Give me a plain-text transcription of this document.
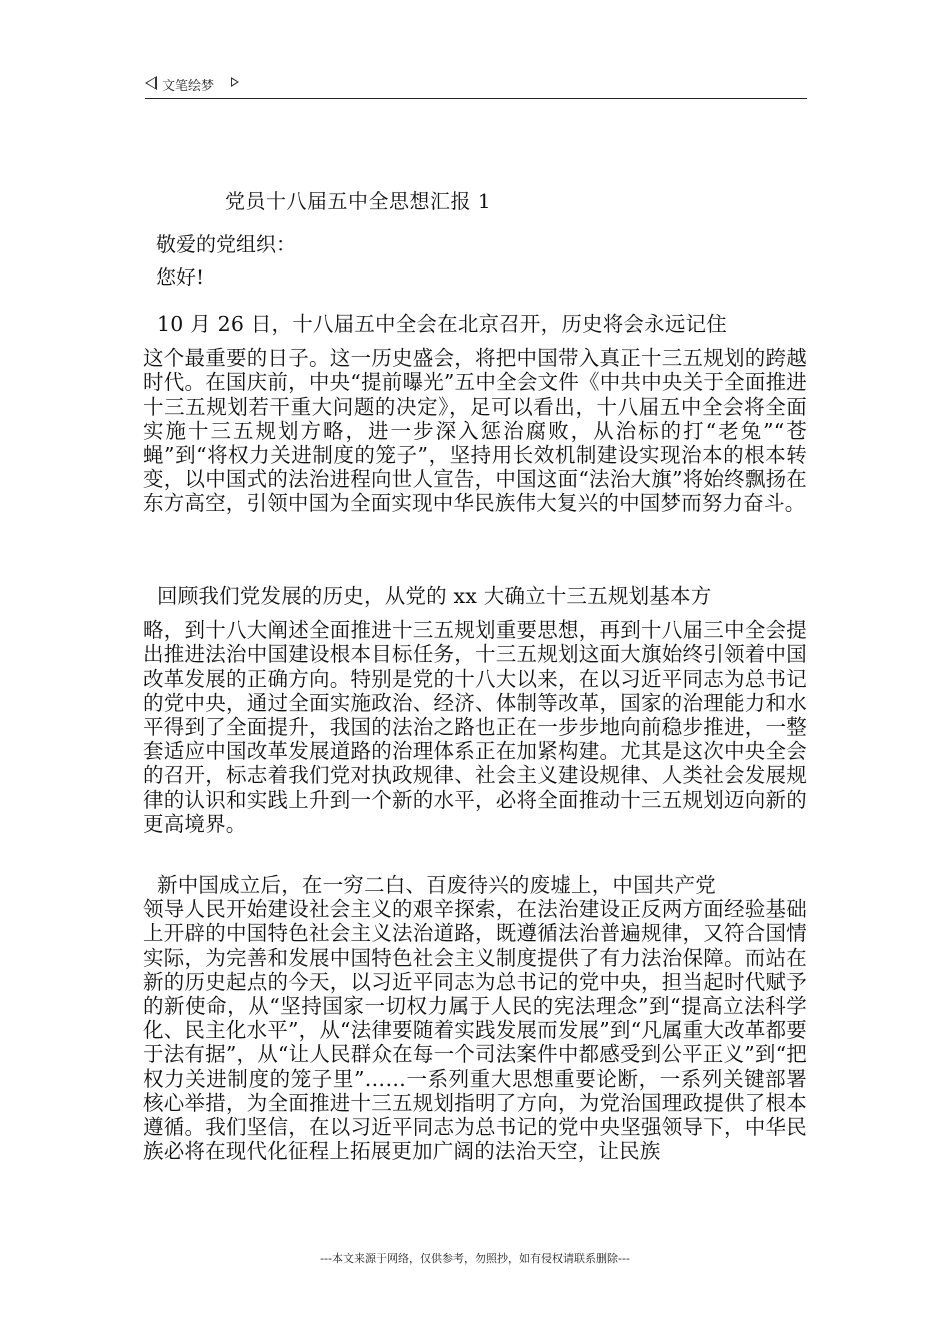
文笔绘梦
党员十八届五中全思想汇报 1
敬爱的党组织：
您好!
10 月 26 日，十八届五中全会在北京召开，历史将会永远记住
这个最重要的日子。这一历史盛会，将把中国带入真正十三五规划的跨越时代。在国庆前，中央“提前曝光”五中全会文件《中共中央关于全面推进十三五规划若干重大问题的决定》，足可以看出，十八届五中全会将全面实施十三五规划方略，进一步深入惩治腐败，从治标的打“老兔”“苍蝇”到“将权力关进制度的笼子”，坚持用长效机制建设实现治本的根本转变，以中国式的法治进程向世人宣告，中国这面“法治大旗”将始终飘扬在东方高空，引领中国为全面实现中华民族伟大复兴的中国梦而努力奋斗。
回顾我们党发展的历史，从党的 xx 大确立十三五规划基本方
略，到十八大阐述全面推进十三五规划重要思想，再到十八届三中全会提出推进法治中国建设根本目标任务，十三五规划这面大旗始终引领着中国改革发展的正确方向。特别是党的十八大以来，在以习近平同志为总书记的党中央，通过全面实施政治、经济、体制等改革，国家的治理能力和水平得到了全面提升，我国的法治之路也正在一步步地向前稳步推进，一整套适应中国改革发展道路的治理体系正在加紧构建。尤其是这次中央全会的召开，标志着我们党对执政规律、社会主义建设规律、人类社会发展规律的认识和实践上升到一个新的水平，必将全面推动十三五规划迈向新的更高境界。
新中国成立后，在一穷二白、百废待兴的废墟上，中国共产党
领导人民开始建设社会主义的艰辛探索，在法治建设正反两方面经验基础上开辟的中国特色社会主义法治道路，既遵循法治普遍规律，又符合国情实际，为完善和发展中国特色社会主义制度提供了有力法治保障。而站在新的历史起点的今天，以习近平同志为总书记的党中央，担当起时代赋予的新使命，从“坚持国家一切权力属于人民的宪法理念”到“提高立法科学化、民主化水平”，从“法律要随着实践发展而发展”到“凡属重大改革都要于法有据”，从“让人民群众在每一个司法案件中都感受到公平正义”到“把权力关进制度的笼子里”……一系列重大思想重要论断，一系列关键部署核心举措，为全面推进十三五规划指明了方向，为党治国理政提供了根本遵循。我们坚信，在以习近平同志为总书记的党中央坚强领导下，中华民族必将在现代化征程上拓展更加广阔的法治天空，让民族
---本文来源于网络，仅供参考，勿照抄，如有侵权请联系删除---
